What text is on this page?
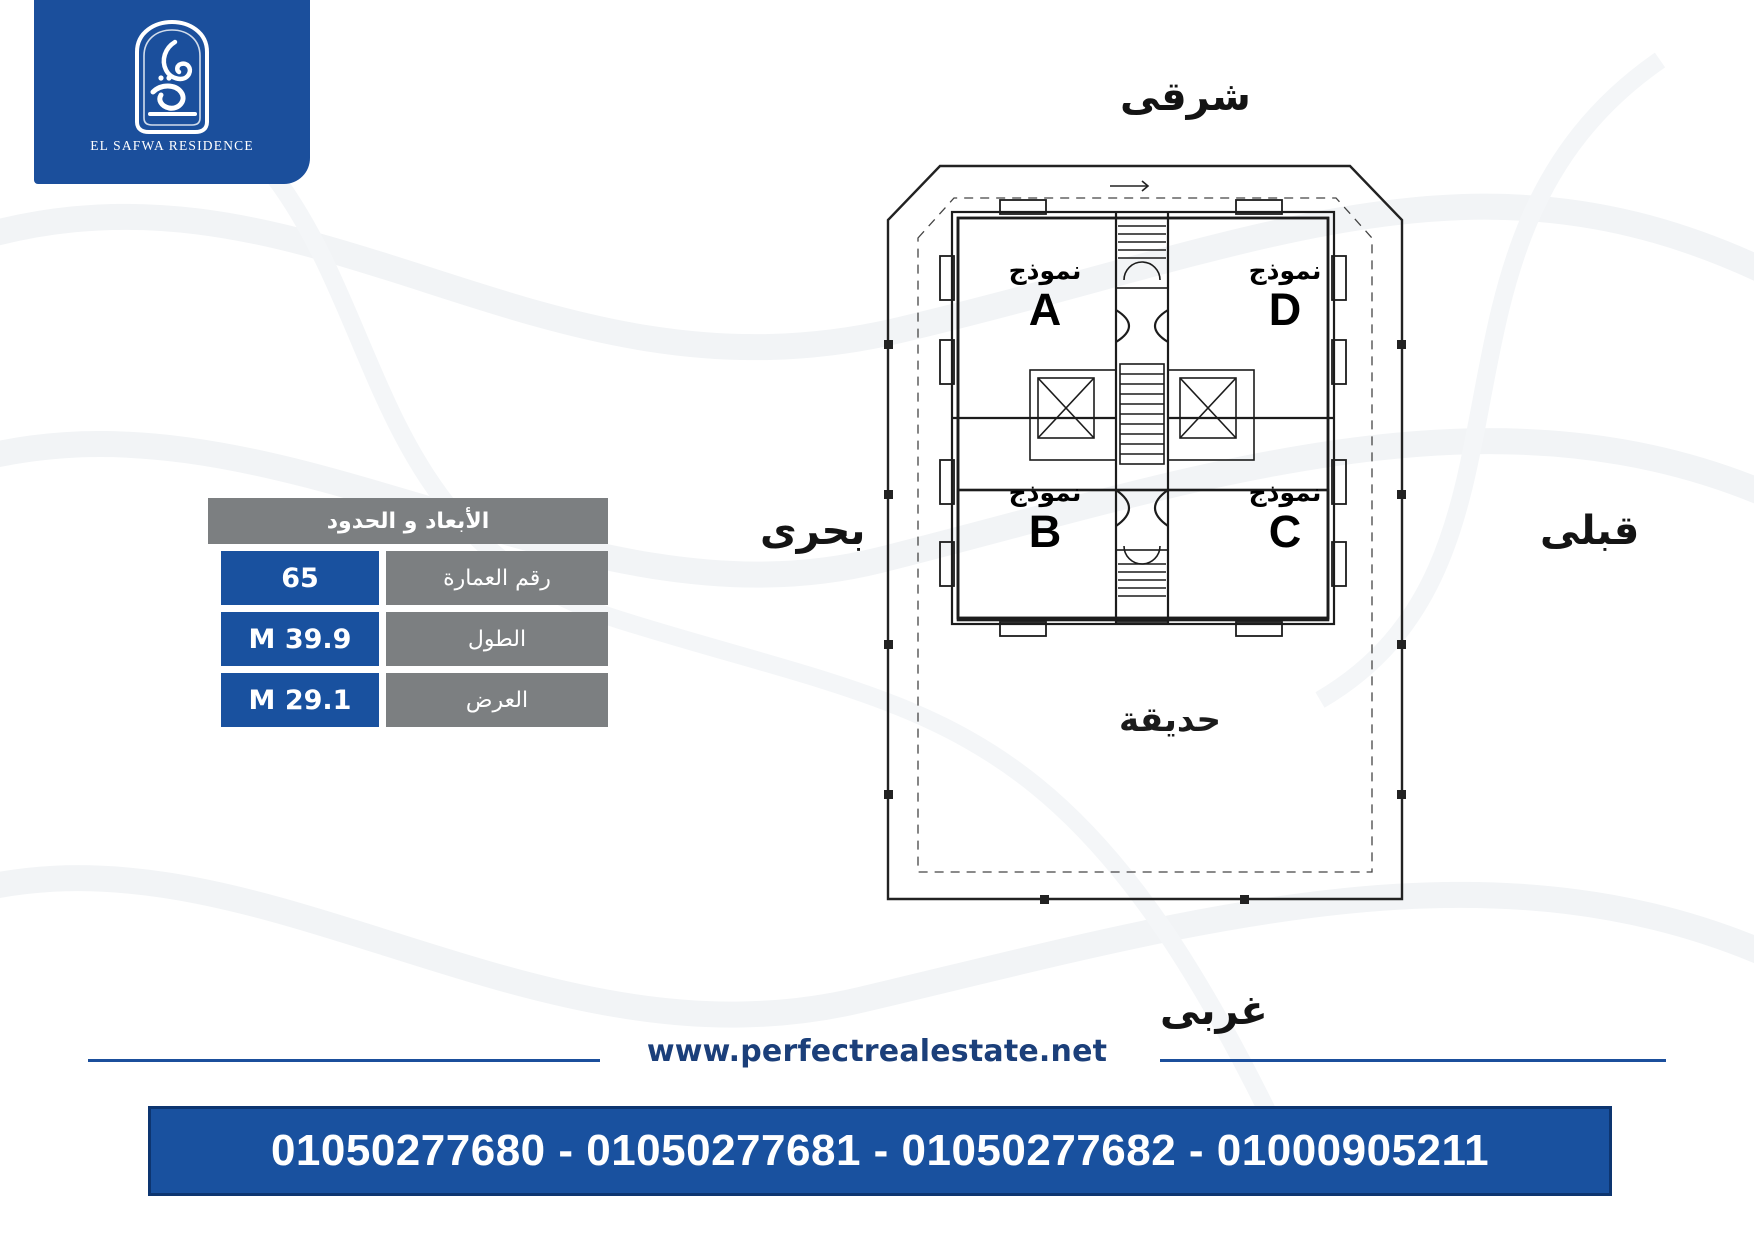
EL SAFWA RESIDENCE
الأبعاد و الحدود
رقم العمارة
65
الطول
M 39.9
العرض
M 29.1
شرقى
بحرى	قبلى
غربى
نموذج
A
نموذج
D
نموذج
B
نموذج
C
حديقة
www.perfectrealestate.net
01050277680 - 01050277681 - 01050277682 - 01000905211
